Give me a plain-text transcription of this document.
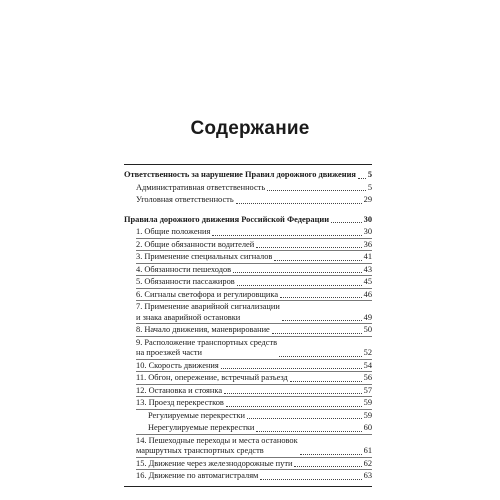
Содержание
Ответственность за нарушение Правил дорожного движения 5
Административная ответственность	5
Уголовная ответственность	29
Правила дорожного движения Российской Федерации	30
1. Общие положения	30
2. Общие обязанности водителей	36
3. Применение специальных сигналов	41
4. Обязанности пешеходов	43
5. Обязанности пассажиров	45
6. Сигналы светофора и регулировщика	46
7. Применение аварийной сигнализации
и знака аварийной остановки	49
8. Начало движения, маневрирование	50
9. Расположение транспортных средств
на проезжей части	52
10. Скорость движения	54
11. Обгон, опережение, встречный разъезд	56
12. Остановка и стоянка	57
13. Проезд перекрестков	59
Регулируемые перекрестки	59
Нерегулируемые перекрестки	60
14. Пешеходные переходы и места остановок
маршрутных транспортных средств	61
15. Движение через железнодорожные пути	62
16. Движение по автомагистралям	63
